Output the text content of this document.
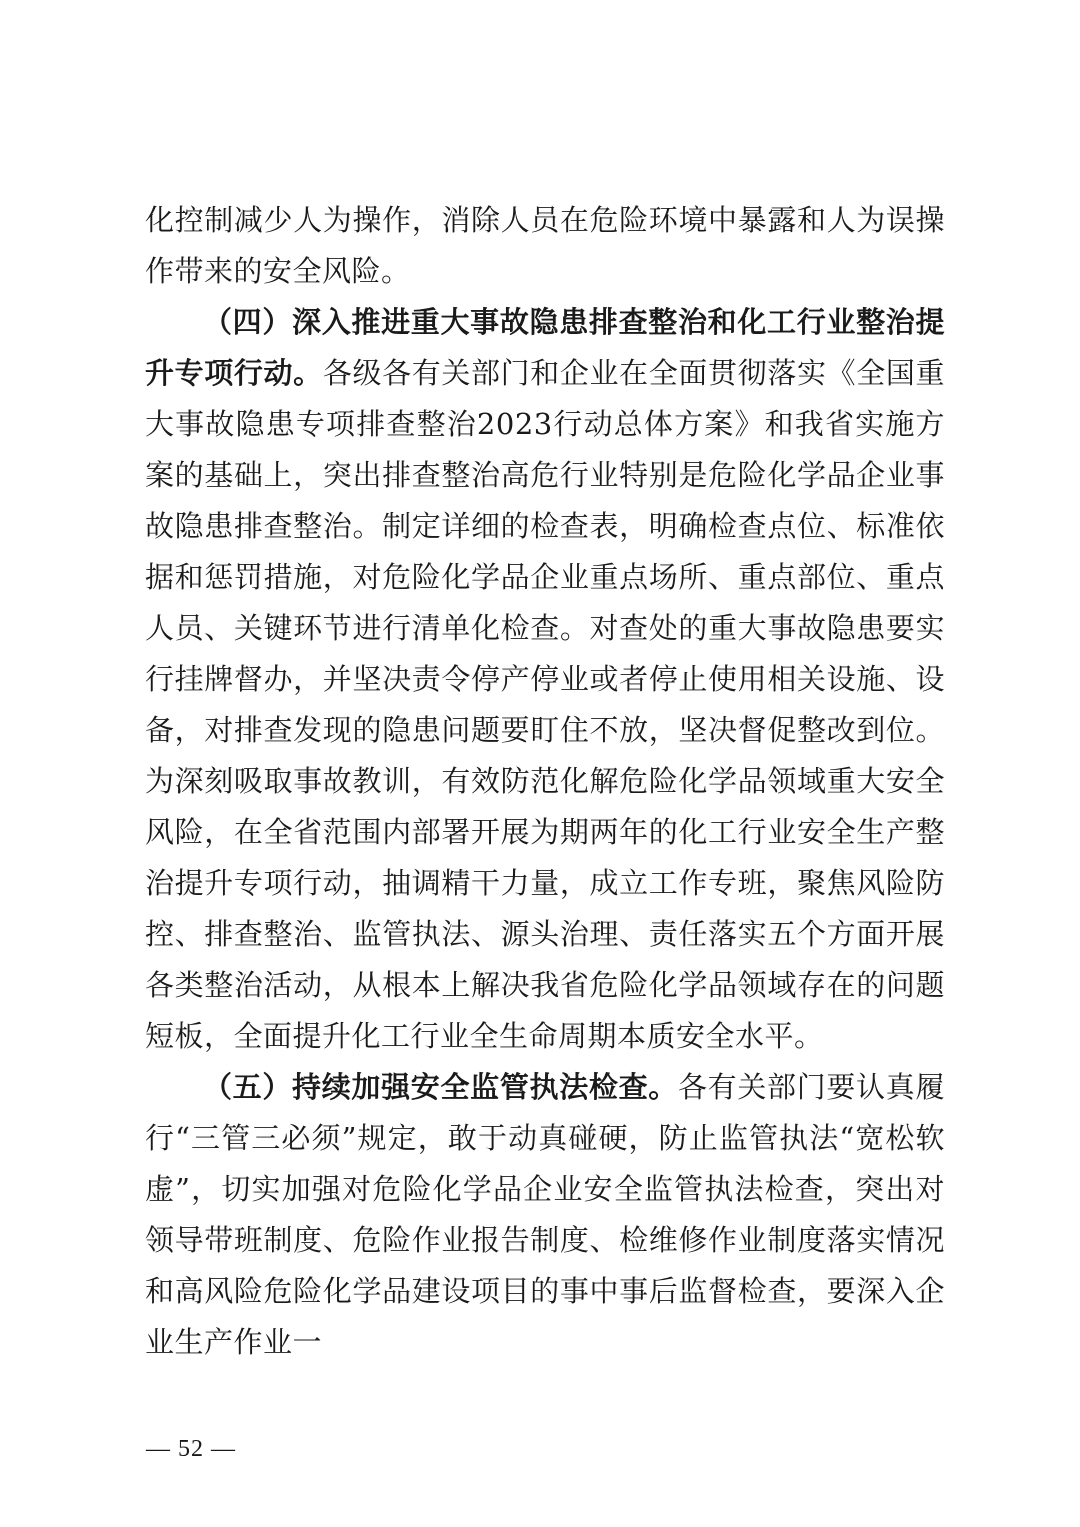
化控制减少人为操作，消除人员在危险环境中暴露和人为误操作带来的安全风险。

（四）深入推进重大事故隐患排查整治和化工行业整治提升专项行动。各级各有关部门和企业在全面贯彻落实《全国重大事故隐患专项排查整治2023行动总体方案》和我省实施方案的基础上，突出排查整治高危行业特别是危险化学品企业事故隐患排查整治。制定详细的检查表，明确检查点位、标准依据和惩罚措施，对危险化学品企业重点场所、重点部位、重点人员、关键环节进行清单化检查。对查处的重大事故隐患要实行挂牌督办，并坚决责令停产停业或者停止使用相关设施、设备，对排查发现的隐患问题要盯住不放，坚决督促整改到位。为深刻吸取事故教训，有效防范化解危险化学品领域重大安全风险，在全省范围内部署开展为期两年的化工行业安全生产整治提升专项行动，抽调精干力量，成立工作专班，聚焦风险防控、排查整治、监管执法、源头治理、责任落实五个方面开展各类整治活动，从根本上解决我省危险化学品领域存在的问题短板，全面提升化工行业全生命周期本质安全水平。

（五）持续加强安全监管执法检查。各有关部门要认真履行“三管三必须”规定，敢于动真碰硬，防止监管执法“宽松软虚”，切实加强对危险化学品企业安全监管执法检查，突出对领导带班制度、危险作业报告制度、检维修作业制度落实情况和高风险危险化学品建设项目的事中事后监督检查，要深入企业生产作业一

— 52 —
